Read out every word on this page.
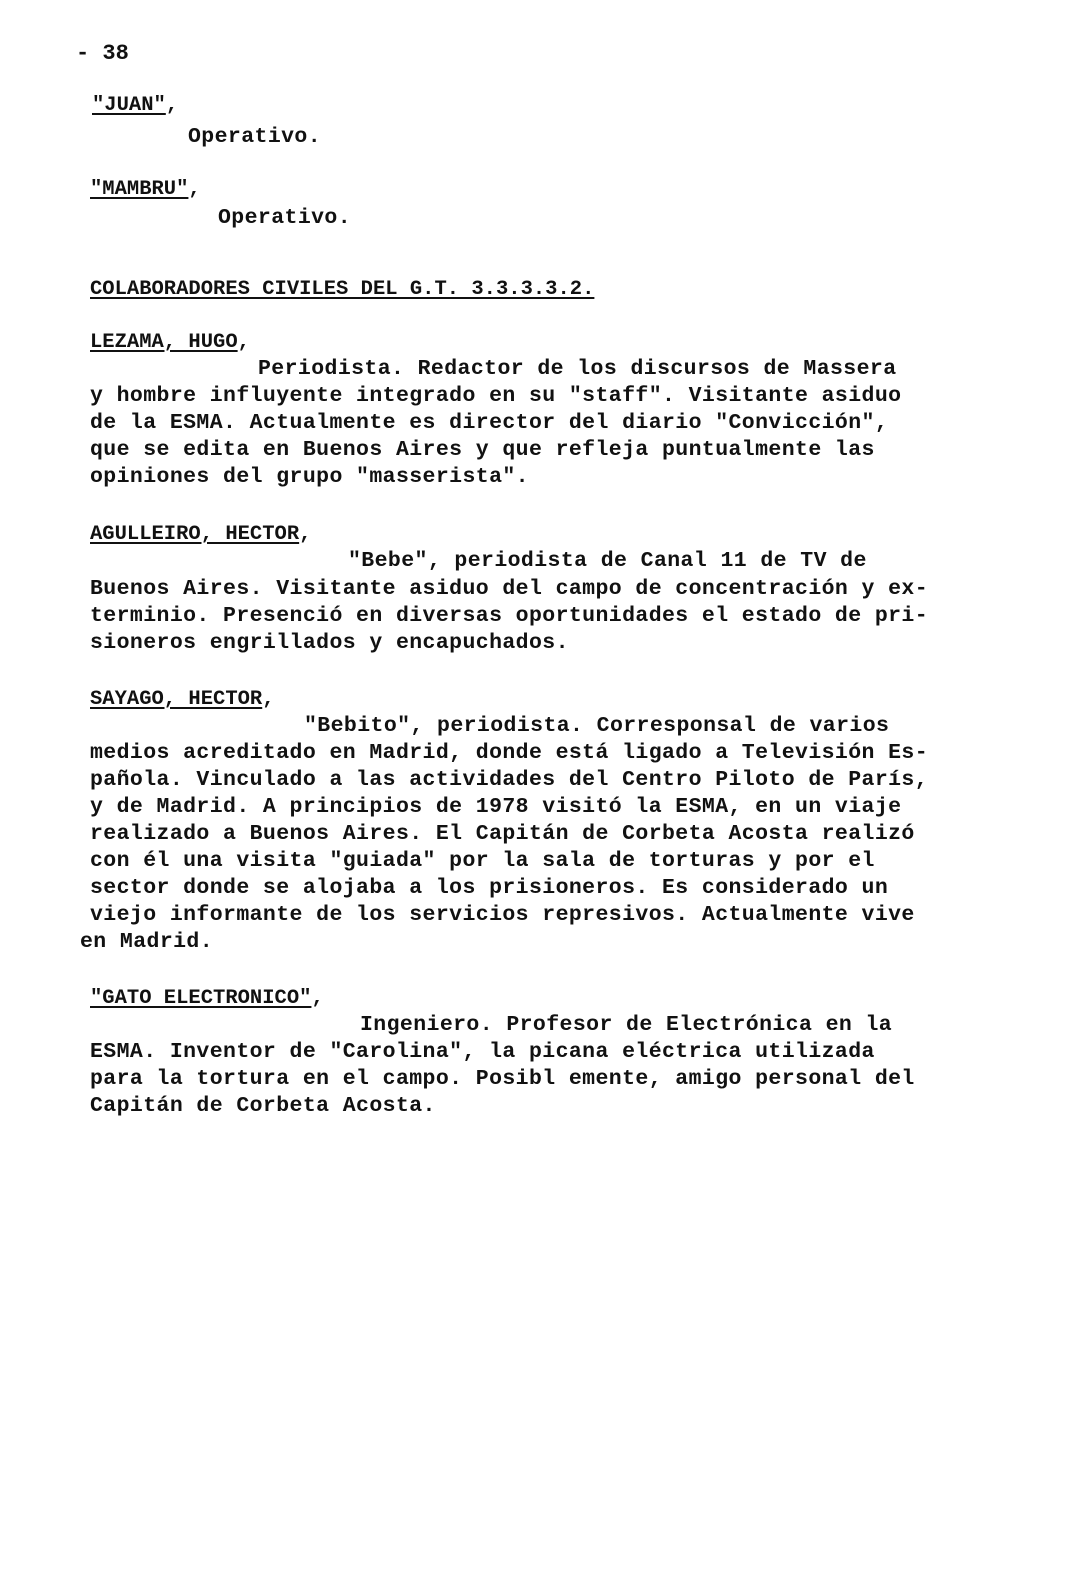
- 38
"JUAN",
Operativo.
"MAMBRU",
Operativo.
COLABORADORES CIVILES DEL G.T. 3.3.3.3.2.
LEZAMA, HUGO,
Periodista. Redactor de los discursos de Massera
y hombre influyente integrado en su "staff". Visitante asiduo
de la ESMA. Actualmente es director del diario "Convicción",
que se edita en Buenos Aires y que refleja puntualmente las
opiniones del grupo "masserista".
AGULLEIRO, HECTOR,
"Bebe", periodista de Canal 11 de TV de
Buenos Aires. Visitante asiduo del campo de concentración y ex-
terminio. Presenció en diversas oportunidades el estado de pri-
sioneros engrillados y encapuchados.
SAYAGO, HECTOR,
"Bebito", periodista. Corresponsal de varios
medios acreditado en Madrid, donde está ligado a Televisión Es-
pañola. Vinculado a las actividades del Centro Piloto de París,
y de Madrid. A principios de 1978 visitó la ESMA, en un viaje
realizado a Buenos Aires. El Capitán de Corbeta Acosta realizó
con él una visita "guiada" por la sala de torturas y por el
sector donde se alojaba a los prisioneros. Es considerado un
viejo informante de los servicios represivos. Actualmente vive
en Madrid.
"GATO ELECTRONICO",
Ingeniero. Profesor de Electrónica en la
ESMA. Inventor de "Carolina", la picana eléctrica utilizada
para la tortura en el campo. Posibl emente, amigo personal del
Capitán de Corbeta Acosta.
